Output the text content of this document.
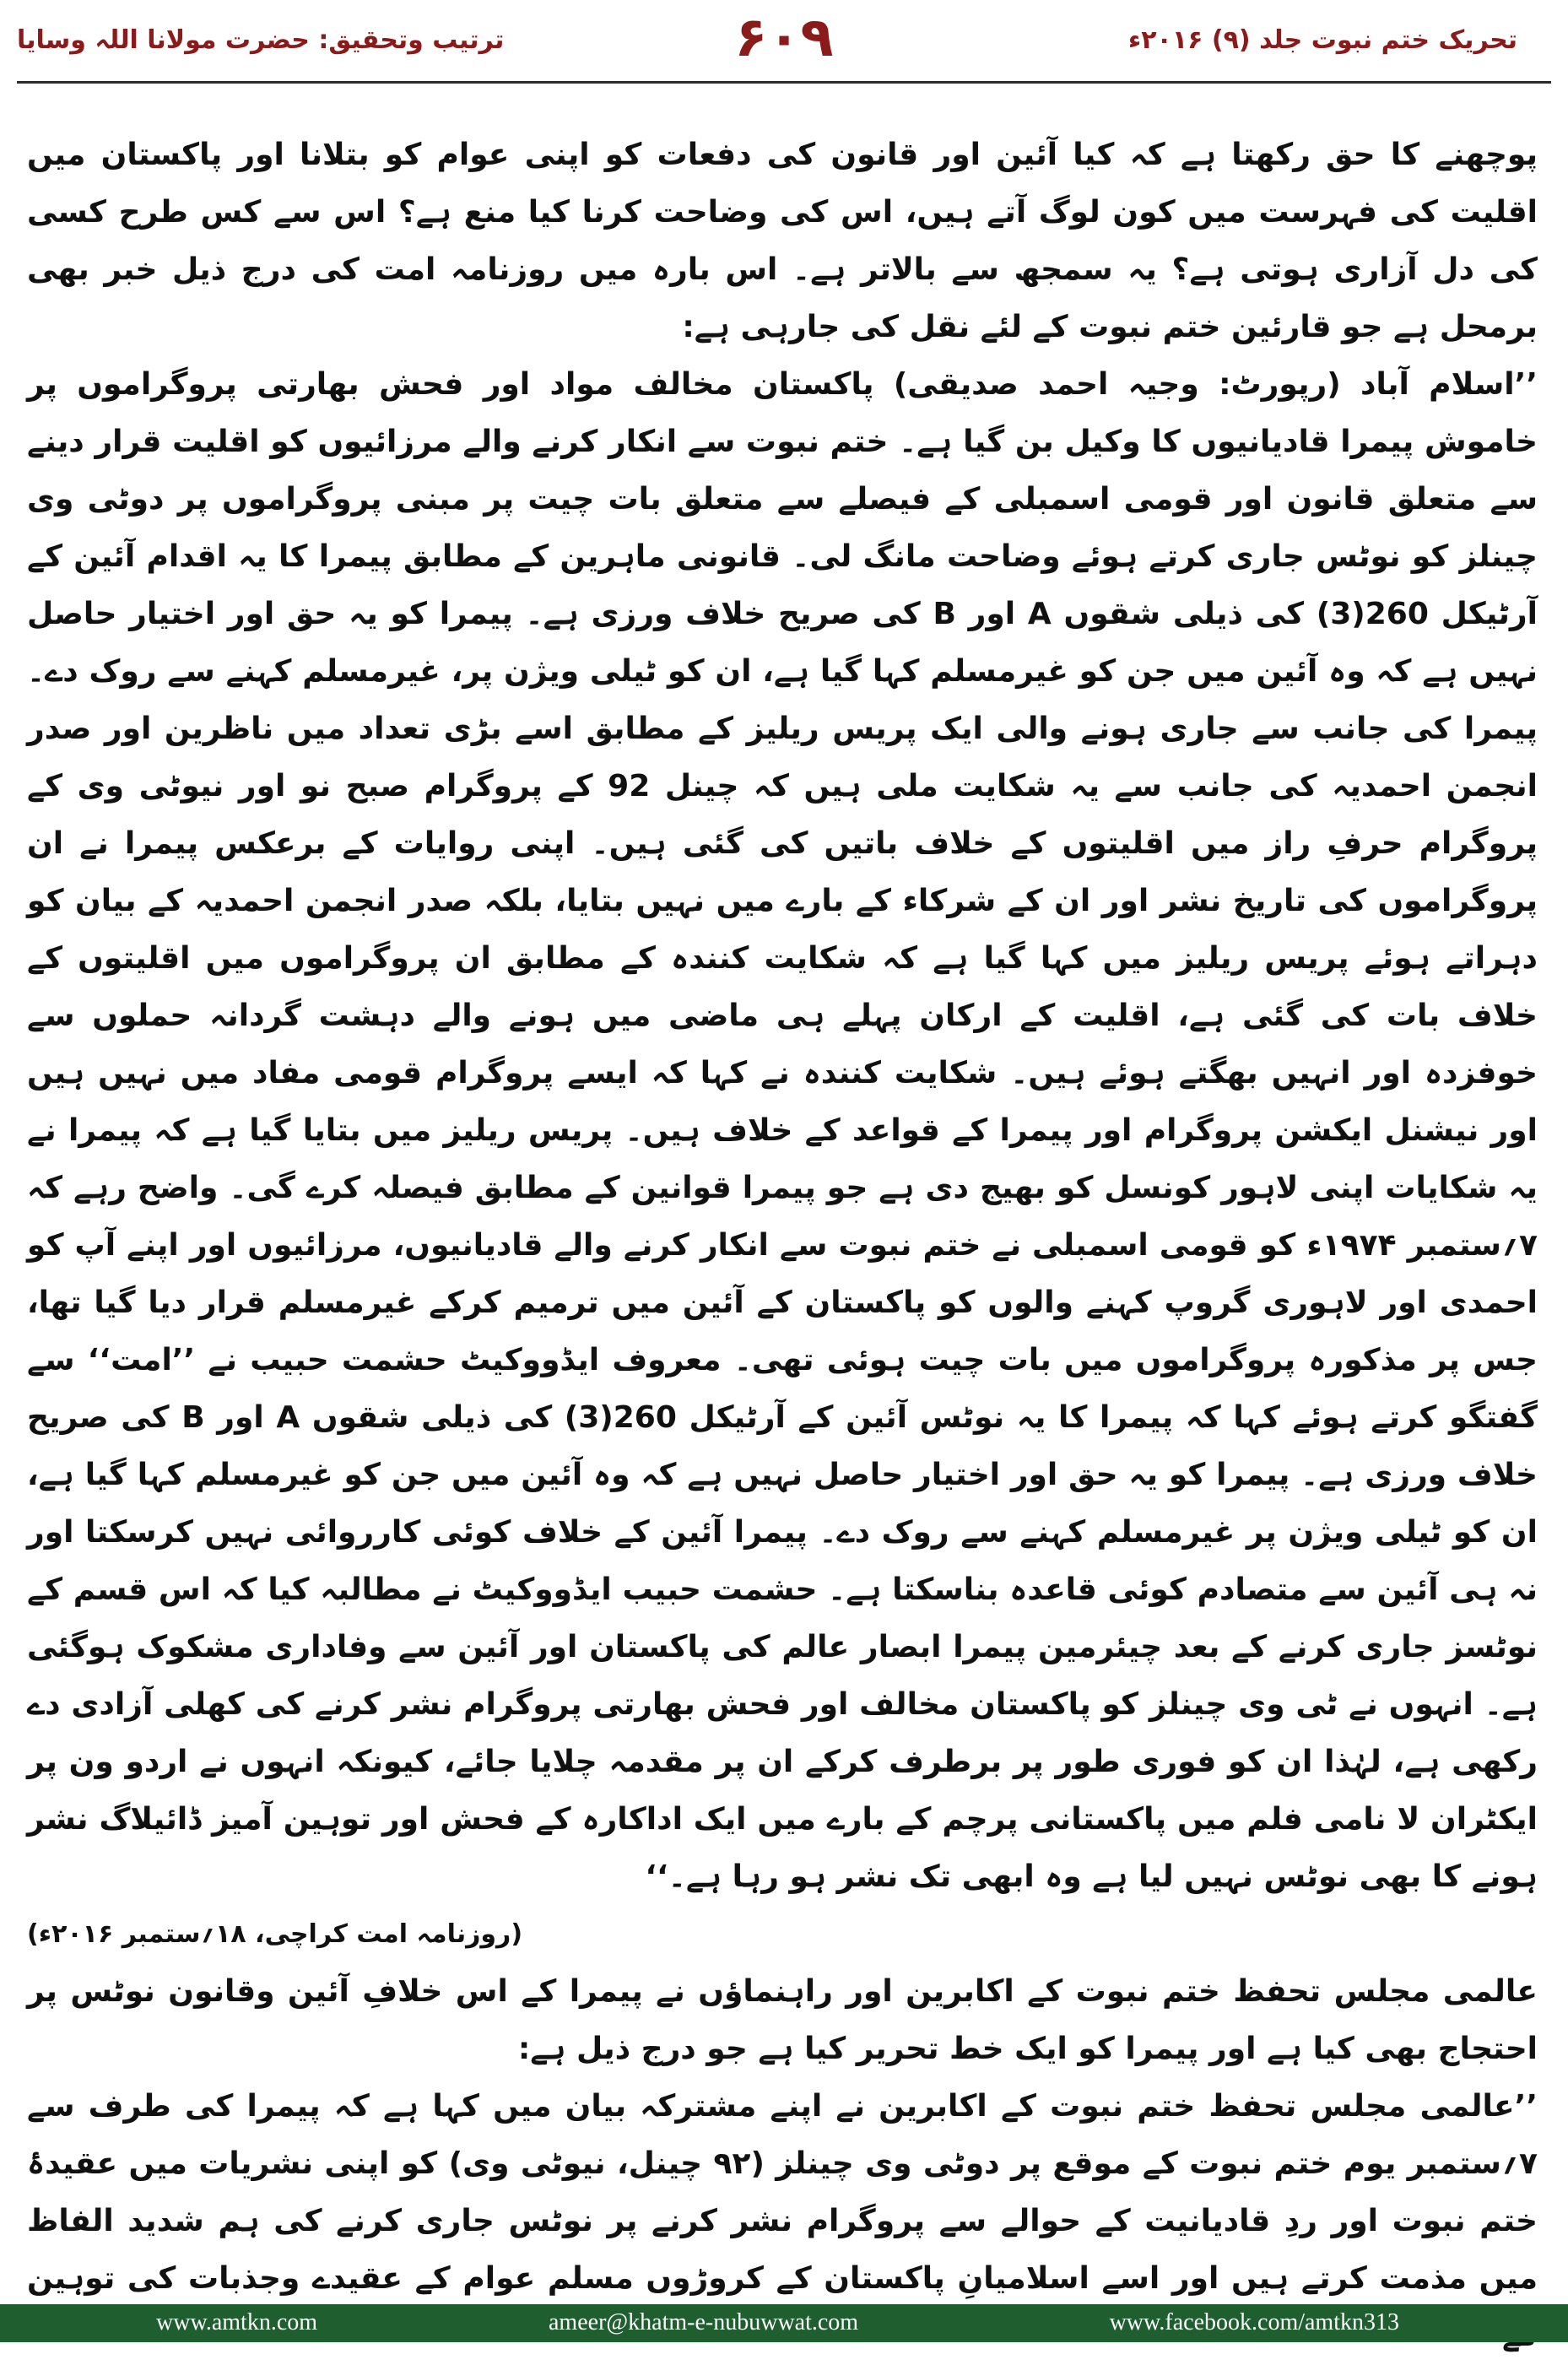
تحریک ختم نبوت جلد (۹) ۲۰۱۶ء
۶۰۹
ترتیب وتحقیق: حضرت مولانا اللہ وسایا

پوچھنے کا حق رکھتا ہے کہ کیا آئین اور قانون کی دفعات کو اپنی عوام کو بتلانا اور پاکستان میں اقلیت کی فہرست میں کون لوگ آتے ہیں، اس کی وضاحت کرنا کیا منع ہے؟ اس سے کس طرح کسی کی دل آزاری ہوتی ہے؟ یہ سمجھ سے بالاتر ہے۔ اس بارہ میں روزنامہ امت کی درج ذیل خبر بھی برمحل ہے جو قارئین ختم نبوت کے لئے نقل کی جارہی ہے:

’’اسلام آباد (رپورٹ: وجیہ احمد صدیقی) پاکستان مخالف مواد اور فحش بھارتی پروگراموں پر خاموش پیمرا قادیانیوں کا وکیل بن گیا ہے۔ ختم نبوت سے انکار کرنے والے مرزائیوں کو اقلیت قرار دینے سے متعلق قانون اور قومی اسمبلی کے فیصلے سے متعلق بات چیت پر مبنی پروگراموں پر دوٹی وی چینلز کو نوٹس جاری کرتے ہوئے وضاحت مانگ لی۔ قانونی ماہرین کے مطابق پیمرا کا یہ اقدام آئین کے آرٹیکل 260(3) کی ذیلی شقوں A اور B کی صریح خلاف ورزی ہے۔ پیمرا کو یہ حق اور اختیار حاصل نہیں ہے کہ وہ آئین میں جن کو غیرمسلم کہا گیا ہے، ان کو ٹیلی ویژن پر، غیرمسلم کہنے سے روک دے۔ پیمرا کی جانب سے جاری ہونے والی ایک پریس ریلیز کے مطابق اسے بڑی تعداد میں ناظرین اور صدر انجمن احمدیہ کی جانب سے یہ شکایت ملی ہیں کہ چینل 92 کے پروگرام صبح نو اور نیوٹی وی کے پروگرام حرفِ راز میں اقلیتوں کے خلاف باتیں کی گئی ہیں۔ اپنی روایات کے برعکس پیمرا نے ان پروگراموں کی تاریخ نشر اور ان کے شرکاء کے بارے میں نہیں بتایا، بلکہ صدر انجمن احمدیہ کے بیان کو دہراتے ہوئے پریس ریلیز میں کہا گیا ہے کہ شکایت کنندہ کے مطابق ان پروگراموں میں اقلیتوں کے خلاف بات کی گئی ہے، اقلیت کے ارکان پہلے ہی ماضی میں ہونے والے دہشت گردانہ حملوں سے خوفزدہ اور انہیں بھگتے ہوئے ہیں۔ شکایت کنندہ نے کہا کہ ایسے پروگرام قومی مفاد میں نہیں ہیں اور نیشنل ایکشن پروگرام اور پیمرا کے قواعد کے خلاف ہیں۔ پریس ریلیز میں بتایا گیا ہے کہ پیمرا نے یہ شکایات اپنی لاہور کونسل کو بھیج دی ہے جو پیمرا قوانین کے مطابق فیصلہ کرے گی۔ واضح رہے کہ ۷؍ستمبر ۱۹۷۴ء کو قومی اسمبلی نے ختم نبوت سے انکار کرنے والے قادیانیوں، مرزائیوں اور اپنے آپ کو احمدی اور لاہوری گروپ کہنے والوں کو پاکستان کے آئین میں ترمیم کرکے غیرمسلم قرار دیا گیا تھا، جس پر مذکورہ پروگراموں میں بات چیت ہوئی تھی۔ معروف ایڈووکیٹ حشمت حبیب نے ’’امت‘‘ سے گفتگو کرتے ہوئے کہا کہ پیمرا کا یہ نوٹس آئین کے آرٹیکل 260(3) کی ذیلی شقوں A اور B کی صریح خلاف ورزی ہے۔ پیمرا کو یہ حق اور اختیار حاصل نہیں ہے کہ وہ آئین میں جن کو غیرمسلم کہا گیا ہے، ان کو ٹیلی ویژن پر غیرمسلم کہنے سے روک دے۔ پیمرا آئین کے خلاف کوئی کارروائی نہیں کرسکتا اور نہ ہی آئین سے متصادم کوئی قاعدہ بناسکتا ہے۔ حشمت حبیب ایڈووکیٹ نے مطالبہ کیا کہ اس قسم کے نوٹسز جاری کرنے کے بعد چیئرمین پیمرا ابصار عالم کی پاکستان اور آئین سے وفاداری مشکوک ہوگئی ہے۔ انہوں نے ٹی وی چینلز کو پاکستان مخالف اور فحش بھارتی پروگرام نشر کرنے کی کھلی آزادی دے رکھی ہے، لہٰذا ان کو فوری طور پر برطرف کرکے ان پر مقدمہ چلایا جائے، کیونکہ انہوں نے اردو ون پر ایکٹران لا نامی فلم میں پاکستانی پرچم کے بارے میں ایک اداکارہ کے فحش اور توہین آمیز ڈائیلاگ نشر ہونے کا بھی نوٹس نہیں لیا ہے وہ ابھی تک نشر ہو رہا ہے۔‘‘

(روزنامہ امت کراچی، ۱۸؍ستمبر ۲۰۱۶ء)

عالمی مجلس تحفظ ختم نبوت کے اکابرین اور راہنماؤں نے پیمرا کے اس خلافِ آئین وقانون نوٹس پر احتجاج بھی کیا ہے اور پیمرا کو ایک خط تحریر کیا ہے جو درج ذیل ہے:

’’عالمی مجلس تحفظ ختم نبوت کے اکابرین نے اپنے مشترکہ بیان میں کہا ہے کہ پیمرا کی طرف سے ۷؍ستمبر یوم ختم نبوت کے موقع پر دوٹی وی چینلز (۹۲ چینل، نیوٹی وی) کو اپنی نشریات میں عقیدۂ ختم نبوت اور ردِ قادیانیت کے حوالے سے پروگرام نشر کرنے پر نوٹس جاری کرنے کی ہم شدید الفاظ میں مذمت کرتے ہیں اور اسے اسلامیانِ پاکستان کے کروڑوں مسلم عوام کے عقیدے وجذبات کی توہین

www.amtkn.com	ameer@khatm-e-nubuwwat.com	www.facebook.com/amtkn313
